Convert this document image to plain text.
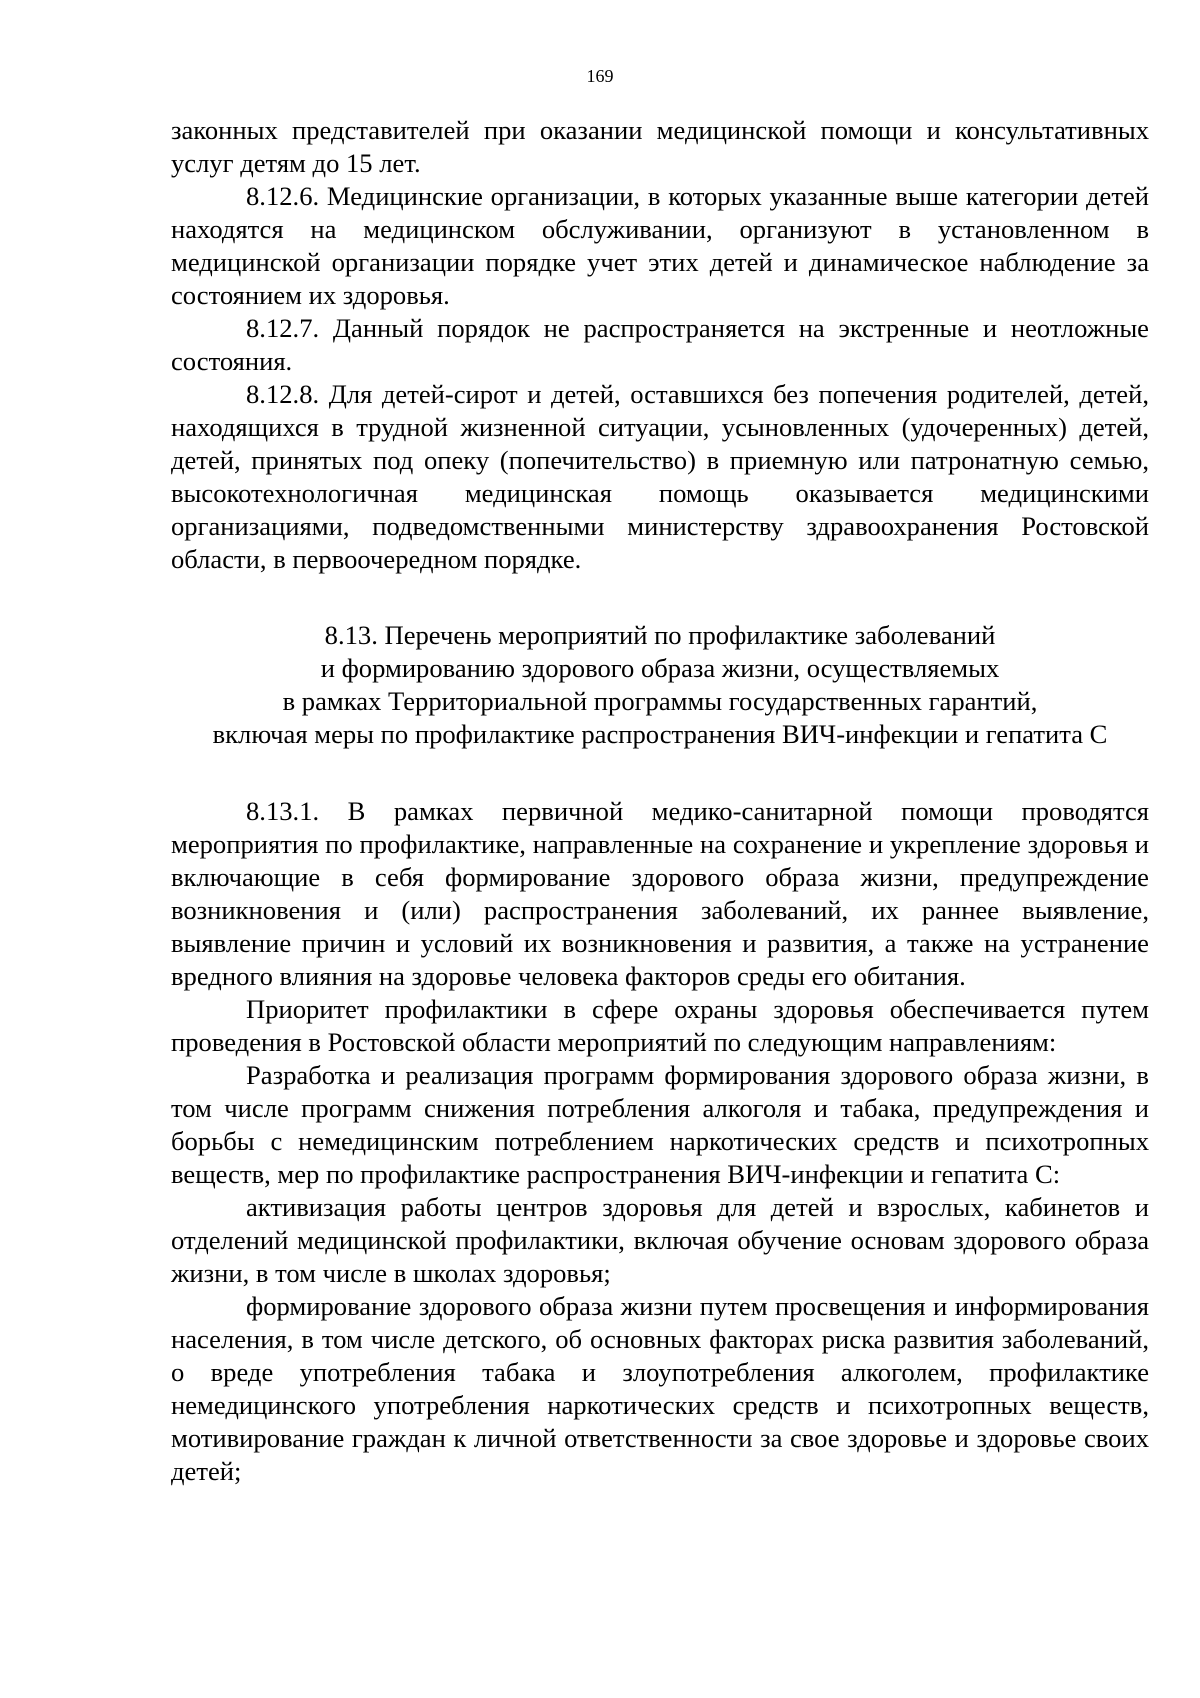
169

законных представителей при оказании медицинской помощи и консультативных услуг детям до 15 лет.

8.12.6. Медицинские организации, в которых указанные выше категории детей находятся на медицинском обслуживании, организуют в установленном в медицинской организации порядке учет этих детей и динамическое наблюдение за состоянием их здоровья.

8.12.7. Данный порядок не распространяется на экстренные и неотложные состояния.

8.12.8. Для детей-сирот и детей, оставшихся без попечения родителей, детей, находящихся в трудной жизненной ситуации, усыновленных (удочеренных) детей, детей, принятых под опеку (попечительство) в приемную или патронатную семью, высокотехнологичная медицинская помощь оказывается медицинскими организациями, подведомственными министерству здравоохранения Ростовской области, в первоочередном порядке.

8.13. Перечень мероприятий по профилактике заболеваний
и формированию здорового образа жизни, осуществляемых
в рамках Территориальной программы государственных гарантий,
включая меры по профилактике распространения ВИЧ-инфекции и гепатита С

8.13.1. В рамках первичной медико-санитарной помощи проводятся мероприятия по профилактике, направленные на сохранение и укрепление здоровья и включающие в себя формирование здорового образа жизни, предупреждение возникновения и (или) распространения заболеваний, их раннее выявление, выявление причин и условий их возникновения и развития, а также на устранение вредного влияния на здоровье человека факторов среды его обитания.

Приоритет профилактики в сфере охраны здоровья обеспечивается путем проведения в Ростовской области мероприятий по следующим направлениям:

Разработка и реализация программ формирования здорового образа жизни, в том числе программ снижения потребления алкоголя и табака, предупреждения и борьбы с немедицинским потреблением наркотических средств и психотропных веществ, мер по профилактике распространения ВИЧ-инфекции и гепатита С:

активизация работы центров здоровья для детей и взрослых, кабинетов и отделений медицинской профилактики, включая обучение основам здорового образа жизни, в том числе в школах здоровья;

формирование здорового образа жизни путем просвещения и информирования населения, в том числе детского, об основных факторах риска развития заболеваний, о вреде употребления табака и злоупотребления алкоголем, профилактике немедицинского употребления наркотических средств и психотропных веществ, мотивирование граждан к личной ответственности за свое здоровье и здоровье своих детей;
